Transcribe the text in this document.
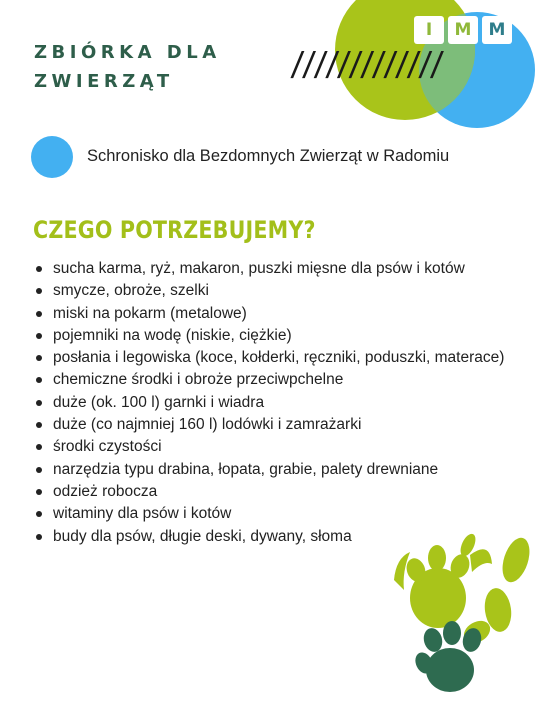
I	M	M
ZBIÓRKA DLA
ZWIERZĄT	/////////////

Schronisko dla Bezdomnych Zwierząt w Radomiu

CZEGO POTRZEBUJEMY?
sucha karma, ryż, makaron, puszki mięsne dla psów i kotów
smycze, obroże, szelki
miski na pokarm (metalowe)
pojemniki na wodę (niskie, ciężkie)
posłania i legowiska (koce, kołderki, ręczniki, poduszki, materace)
chemiczne środki i obroże przeciwpchelne
duże (ok. 100 l) garnki i wiadra
duże (co najmniej 160 l) lodówki i zamrażarki
środki czystości
narzędzia typu drabina, łopata, grabie, palety drewniane
odzież robocza
witaminy dla psów i kotów
budy dla psów, długie deski, dywany, słoma
